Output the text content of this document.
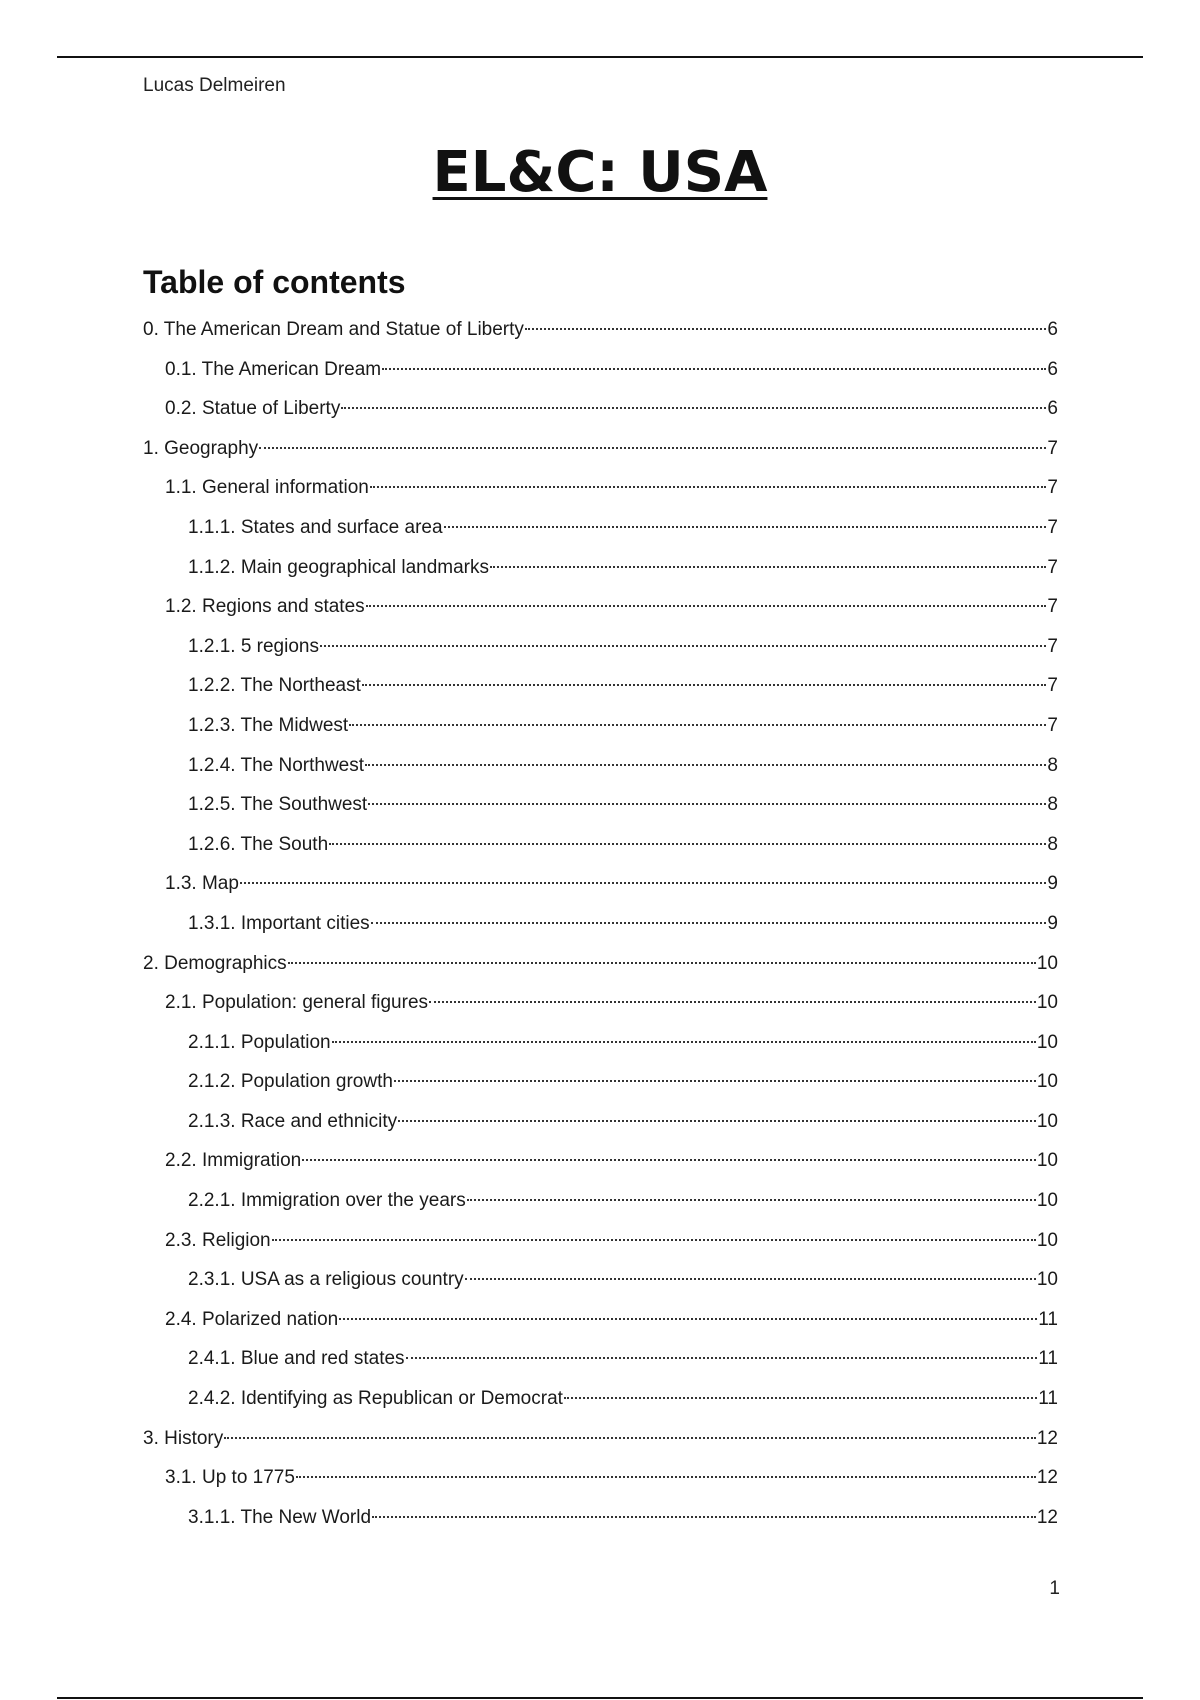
Lucas Delmeiren
EL&C: USA
Table of contents
0. The American Dream and Statue of Liberty	6
0.1. The American Dream	6
0.2. Statue of Liberty	6
1. Geography	7
1.1. General information	7
1.1.1. States and surface area	7
1.1.2. Main geographical landmarks	7
1.2. Regions and states	7
1.2.1. 5 regions	7
1.2.2. The Northeast	7
1.2.3. The Midwest	7
1.2.4. The Northwest	8
1.2.5. The Southwest	8
1.2.6. The South	8
1.3. Map	9
1.3.1. Important cities	9
2. Demographics	10
2.1. Population: general figures	10
2.1.1. Population	10
2.1.2. Population growth	10
2.1.3. Race and ethnicity	10
2.2. Immigration	10
2.2.1. Immigration over the years	10
2.3. Religion	10
2.3.1. USA as a religious country	10
2.4. Polarized nation	11
2.4.1. Blue and red states	11
2.4.2. Identifying as Republican or Democrat	11
3. History	12
3.1. Up to 1775	12
3.1.1. The New World	12
1
